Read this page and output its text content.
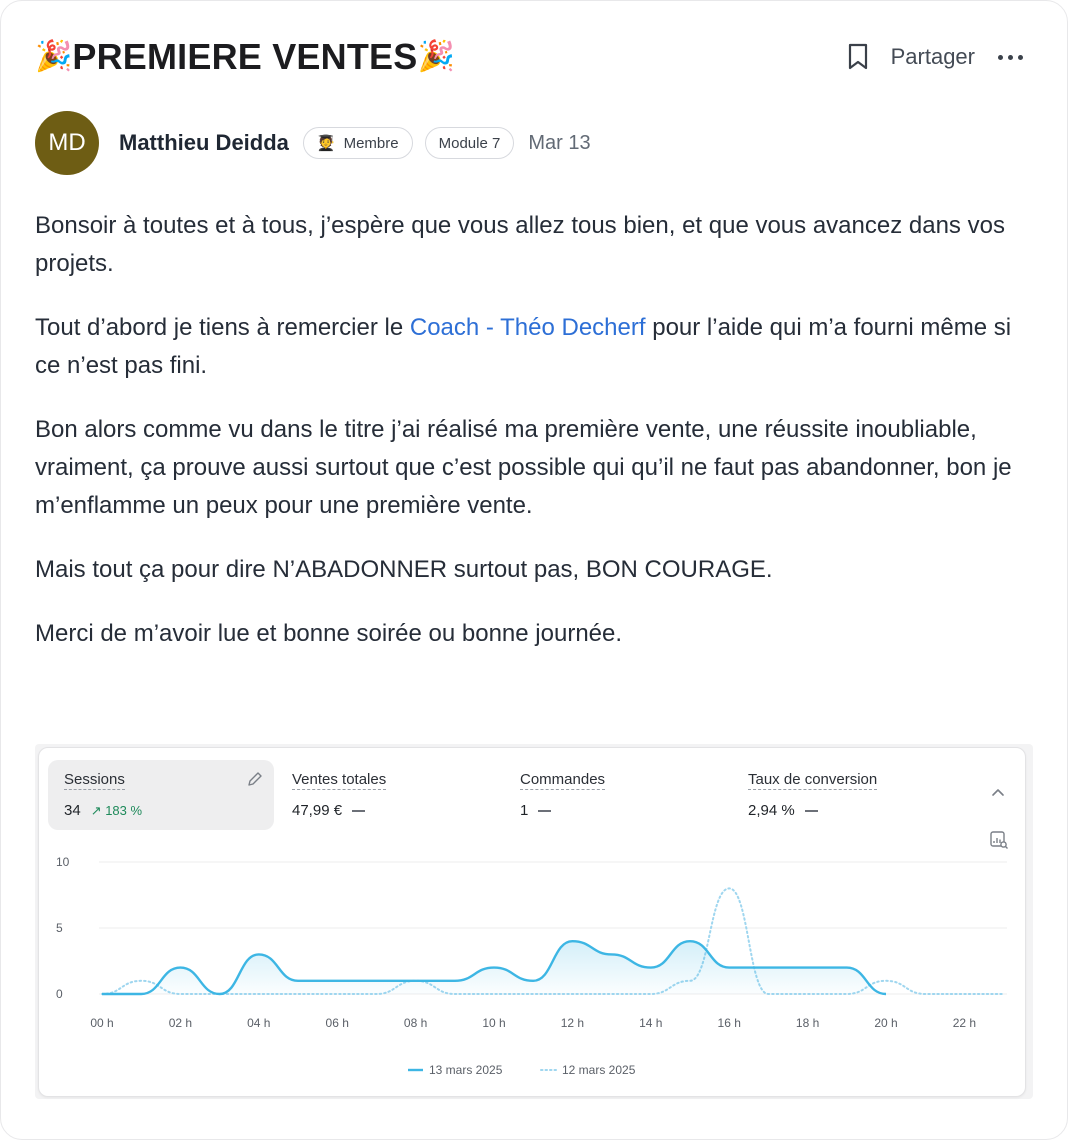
🎉 PREMIERE VENTES 🎉	Partager
MD	Matthieu Deidda 🧑‍🎓 Membre	Module 7 Mar 13

Bonsoir à toutes et à tous, j’espère que vous allez tous bien, et que vous avancez dans vos projets.

Tout d’abord je tiens à remercier le Coach - Théo Decherf pour l’aide qui m’a fourni même si ce n’est pas fini.

Bon alors comme vu dans le titre j’ai réalisé ma première vente, une réussite inoubliable, vraiment, ça prouve aussi surtout que c’est possible qui qu’il ne faut pas abandonner, bon je m’enflamme un peux pour une première vente.

Mais tout ça pour dire N’ABADONNER surtout pas, BON COURAGE.

Merci de m’avoir lue et bonne soirée ou bonne journée.

Sessions
34 ↗ 183 %
Ventes totales
47,99 €
Commandes
1
Taux de conversion
2,94 %
0
5
10
00 h	02 h	04 h	06 h	08 h	10 h	12 h	14 h	16 h	18 h	20 h	22 h
13 mars 2025	12 mars 2025
